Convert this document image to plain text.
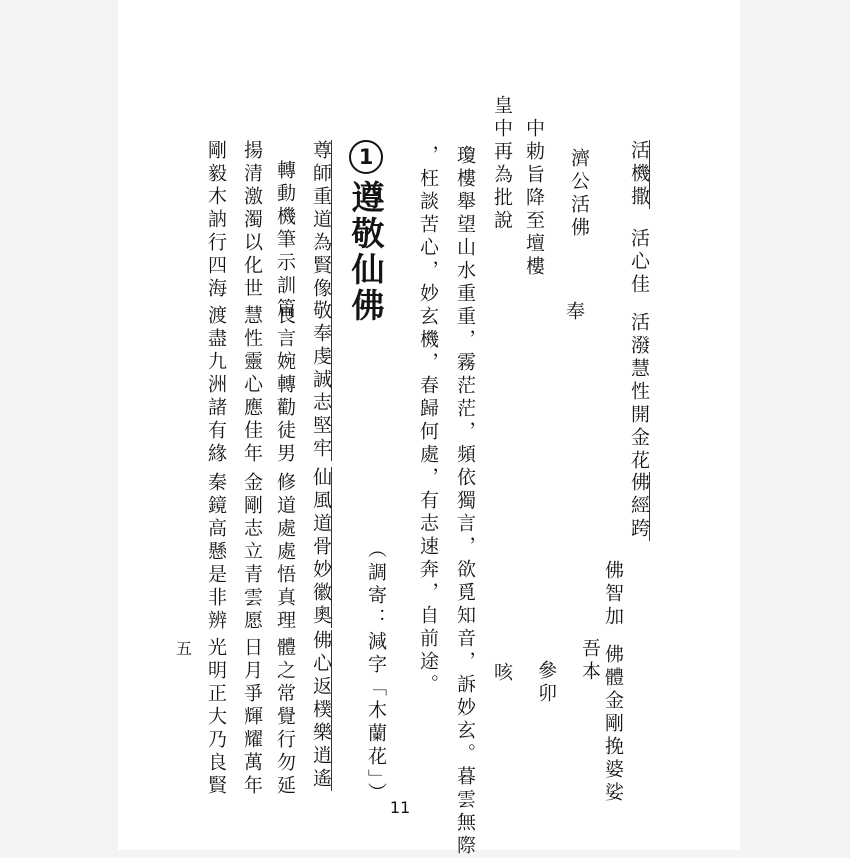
活機撒
活心佳
活潑慧性開金花
佛經跨
佛智加
佛體金剛挽婆娑
濟公活佛
奉
吾本
中勅旨降至壇樓
參卯
皇中再為批說
咳
瓊樓舉望山水重重，霧茫茫，頻依獨言，欲覓知音，訴妙玄。暮雲無際
，枉談苦心，妙玄機，春歸何處，有志速奔，自前途。
（調寄：減字「木蘭花」）
1
遵敬仙佛
尊師重道為賢像
敬奉虔誠志堅牢
仙風道骨妙徽奧
佛心返樸樂逍遙
轉動機筆示訓篇
良言婉轉勸徒男
修道處處悟真理
體之常覺行勿延
揚清激濁以化世
慧性靈心應佳年
金剛志立青雲愿
日月爭輝耀萬年
剛毅木訥行四海
渡盡九洲諸有緣
秦鏡高懸是非辨
光明正大乃良賢
五
11
